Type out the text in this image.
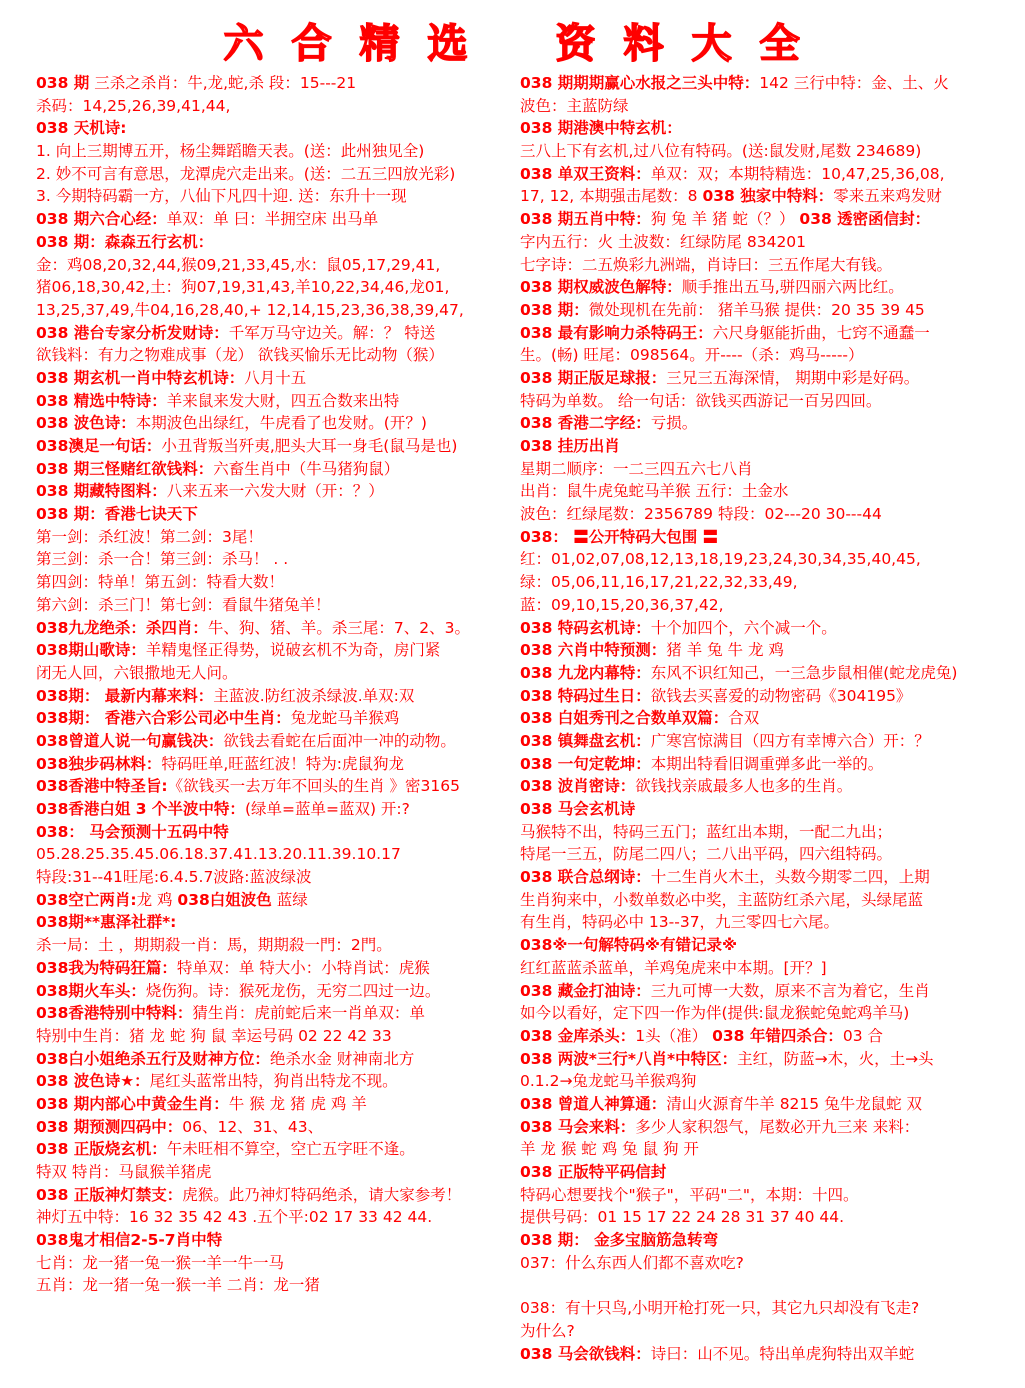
六 合 精 选 资 料 大 全
038 期 三杀之杀肖：牛,龙,蛇,杀 段：15---21
杀码：14,25,26,39,41,44,
038 天机诗:
1. 向上三期博五开，杨尘舞蹈瞻天表。(送：此州独见全)
2. 妙不可言有意思，龙潭虎穴走出来。(送：二五三四放光彩)
3. 今期特码霸一方，八仙下凡四十迎. 送：东升十一现
038 期六合心经：单双：单 曰：半拥空床 出马单
038 期：森森五行玄机：
金：鸡08,20,32,44,猴09,21,33,45,水：鼠05,17,29,41,
猪06,18,30,42,土：狗07,19,31,43,羊10,22,34,46,龙01,
13,25,37,49,牛04,16,28,40,+ 12,14,15,23,36,38,39,47,
038 港台专家分析发财诗：千军万马守边关。解：？ 特送
欲钱料：有力之物难成事（龙） 欲钱买愉乐无比动物（猴）
038 期玄机一肖中特玄机诗：八月十五
038 精选中特诗：羊来鼠来发大财，四五合数来出特
038 波色诗：本期波色出绿红，牛虎看了也发财。(开？)
038澳足一句话：小丑背叛当歼夷,肥头大耳一身毛(鼠马是也)
038 期三怪赌红欲钱料：六畜生肖中（牛马猪狗鼠）
038 期藏特图料：八来五来一六发大财（开：？）
038 期：香港七诀天下
第一剑：杀红波！第二剑：3尾！
第三剑：杀一合！第三剑：杀马！ . .
第四剑：特单！第五剑：特看大数！
第六剑：杀三门！第七剑：看鼠牛猪兔羊！
038九龙绝杀：杀四肖：牛、狗、猪、羊。杀三尾：7、2、3。
038期山歌诗：羊精鬼怪正得势，说破玄机不为奇，房门紧
闭无人回，六银撒地无人问。
038期： 最新内幕来料：主蓝波.防红波杀绿波.单双:双
038期： 香港六合彩公司必中生肖：兔龙蛇马羊猴鸡
038曾道人说一句赢钱决：欲钱去看蛇在后面冲一冲的动物。
038独步码林料：特码旺单,旺蓝红波！特为:虎鼠狗龙
038香港中特圣旨:《欲钱买一去万年不回头的生肖 》密3165
038香港白姐 3 个半波中特：(绿单=蓝单=蓝双) 开:?
038： 马会预测十五码中特
05.28.25.35.45.06.18.37.41.13.20.11.39.10.17
特段:31--41旺尾:6.4.5.7波路:蓝波绿波
038空亡两肖:龙 鸡 038白姐波色 蓝绿
038期**惠泽社群*:
杀一局：土 ，期期殺一肖：馬，期期殺一門：2門。
038我为特码狂篇：特单双：单 特大小：小特肖试：虎猴
038期火车头：烧伤狗。诗：猴死龙伤，无穷二四过一边。
038香港特别中特料：猜生肖：虎前蛇后来一肖单双：单
特别中生肖：猪 龙 蛇 狗 鼠 幸运号码 02 22 42 33
038白小姐绝杀五行及财神方位：绝杀水金 财神南北方
038 波色诗★：尾红头蓝常出特，狗肖出特龙不现。
038 期内部心中黄金生肖：牛 猴 龙 猪 虎 鸡 羊
038 期预测四码中：06、12、31、43、
038 正版烧玄机：午未旺相不算空，空亡五字旺不逢。
特双 特肖：马鼠猴羊猪虎
038 正版神灯禁支：虎猴。此乃神灯特码绝杀，请大家参考！
神灯五中特：16 32 35 42 43 .五个平:02 17 33 42 44.
038鬼才相信2-5-7肖中特
七肖：龙一猪一兔一猴一羊一牛一马
五肖：龙一猪一兔一猴一羊 二肖：龙一猪
038 期期期赢心水报之三头中特：142 三行中特：金、土、火
波色：主蓝防绿
038 期港澳中特玄机：
三八上下有玄机,过八位有特码。(送:鼠发财,尾数 234689)
038 单双王资料：单双：双；本期特精选：10,47,25,36,08,
17, 12, 本期强击尾数：8 038 独家中特料：零来五来鸡发财
038 期五肖中特：狗 兔 羊 猪 蛇（？） 038 透密函信封：
字内五行：火 土波数：红绿防尾 834201
七字诗：二五焕彩九洲端，肖诗曰：三五作尾大有钱。
038 期权威波色解特：顺手推出五马,骈四丽六两比红。
038 期：微处现机在先前： 猪羊马猴 提供：20 35 39 45
038 最有影响力杀特码王：六尺身躯能折曲，七窍不通蠢一
生。(畅) 旺尾：098564。开----（杀：鸡马-----）
038 期正版足球报：三兄三五海深情， 期期中彩是好码。
特码为单数。 给一句话：欲钱买西游记一百另四回。
038 香港二字经：亏损。
038 挂历出肖
星期二顺序：一二三四五六七八肖
出肖：鼠牛虎兔蛇马羊猴 五行：土金水
波色：红绿尾数：2356789 特段：02---20 30---44
038： 〓公开特码大包围 〓
红：01,02,07,08,12,13,18,19,23,24,30,34,35,40,45,
绿：05,06,11,16,17,21,22,32,33,49,
蓝：09,10,15,20,36,37,42,
038 特码玄机诗：十个加四个，六个减一个。
038 六肖中特预测：猪 羊 兔 牛 龙 鸡
038 九龙内幕特：东风不识红知己，一三急步鼠相催(蛇龙虎兔)
038 特码过生日：欲钱去买喜爱的动物密码《304195》
038 白姐秀刊之合数单双篇：合双
038 镇舞盘玄机：广寒宫惊满目（四方有幸博六合）开：？
038 一句定乾坤：本期出特看旧调重弹多此一举的。
038 波肖密诗：欲钱找亲戚最多人也多的生肖。
038 马会玄机诗
马猴特不出，特码三五门；蓝红出本期，一配二九出；
特尾一三五，防尾二四八；二八出平码，四六组特码。
038 联合总纲诗：十二生肖火木土，头数今期零二四，上期
生肖狗来中，小数单数必中奖，主蓝防红杀六尾，头绿尾蓝
有生肖，特码必中 13--37，九三零四七六尾。
038※一句解特码※有错记录※
红红蓝蓝杀蓝单，羊鸡兔虎来中本期。[开？]
038 藏金打油诗：三九可博一大数，原来不言为着它，生肖
如今以看好，定下四一作为伴(提供:鼠龙猴蛇兔蛇鸡羊马)
038 金库杀头：1头（准） 038 年错四杀合：03 合
038 两波*三行*八肖*中特区：主红，防蓝→木，火，土→头
0.1.2→兔龙蛇马羊猴鸡狗
038 曾道人神算通：清山火源育牛羊 8215 兔牛龙鼠蛇 双
038 马会来料：多少人家积怨气，尾数必开九三来 来料：
羊 龙 猴 蛇 鸡 兔 鼠 狗 开
038 正版特平码信封
特码心想要找个"猴子"，平码"二"，本期：十四。
提供号码：01 15 17 22 24 28 31 37 40 44.
038 期： 金多宝脑筋急转弯
037：什么东西人们都不喜欢吃?
038：有十只鸟,小明开枪打死一只，其它九只却没有飞走?
为什么?
038 马会欲钱料：诗曰：山不见。特出单虎狗特出双羊蛇
